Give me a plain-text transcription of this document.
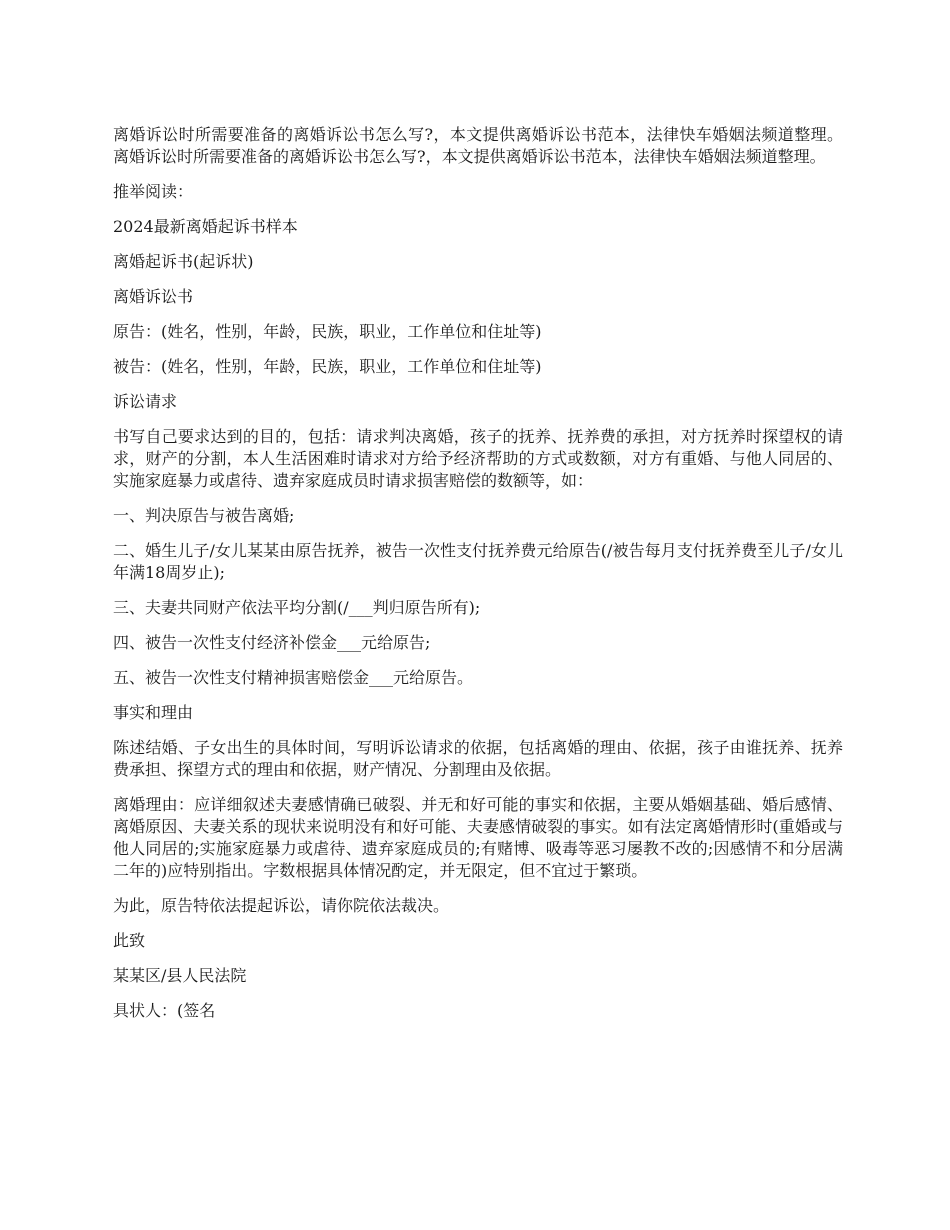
离婚诉讼时所需要准备的离婚诉讼书怎么写?，本文提供离婚诉讼书范本，法律快车婚姻法频道整理。 离婚诉讼时所需要准备的离婚诉讼书怎么写?，本文提供离婚诉讼书范本，法律快车婚姻法频道整理。

推举阅读：

2024最新离婚起诉书样本

离婚起诉书(起诉状)

离婚诉讼书

原告：(姓名，性别，年龄，民族，职业，工作单位和住址等)

被告：(姓名，性别，年龄，民族，职业，工作单位和住址等)

诉讼请求

书写自己要求达到的目的，包括：请求判决离婚，孩子的抚养、抚养费的承担，对方抚养时探望权的请求，财产的分割，本人生活困难时请求对方给予经济帮助的方式或数额，对方有重婚、与他人同居的、实施家庭暴力或虐待、遗弃家庭成员时请求损害赔偿的数额等，如：

一、判决原告与被告离婚;

二、婚生儿子/女儿某某由原告抚养，被告一次性支付抚养费元给原告(/被告每月支付抚养费至儿子/女儿年满18周岁止);

三、夫妻共同财产依法平均分割(/___判归原告所有);

四、被告一次性支付经济补偿金___元给原告;

五、被告一次性支付精神损害赔偿金___元给原告。

事实和理由

陈述结婚、子女出生的具体时间，写明诉讼请求的依据，包括离婚的理由、依据，孩子由谁抚养、抚养费承担、探望方式的理由和依据，财产情况、分割理由及依据。

离婚理由：应详细叙述夫妻感情确已破裂、并无和好可能的事实和依据，主要从婚姻基础、婚后感情、离婚原因、夫妻关系的现状来说明没有和好可能、夫妻感情破裂的事实。如有法定离婚情形时(重婚或与他人同居的;实施家庭暴力或虐待、遗弃家庭成员的;有赌博、吸毒等恶习屡教不改的;因感情不和分居满二年的)应特别指出。字数根据具体情况酌定，并无限定，但不宜过于繁琐。

为此，原告特依法提起诉讼，请你院依法裁决。

此致

某某区/县人民法院

具状人：(签名
